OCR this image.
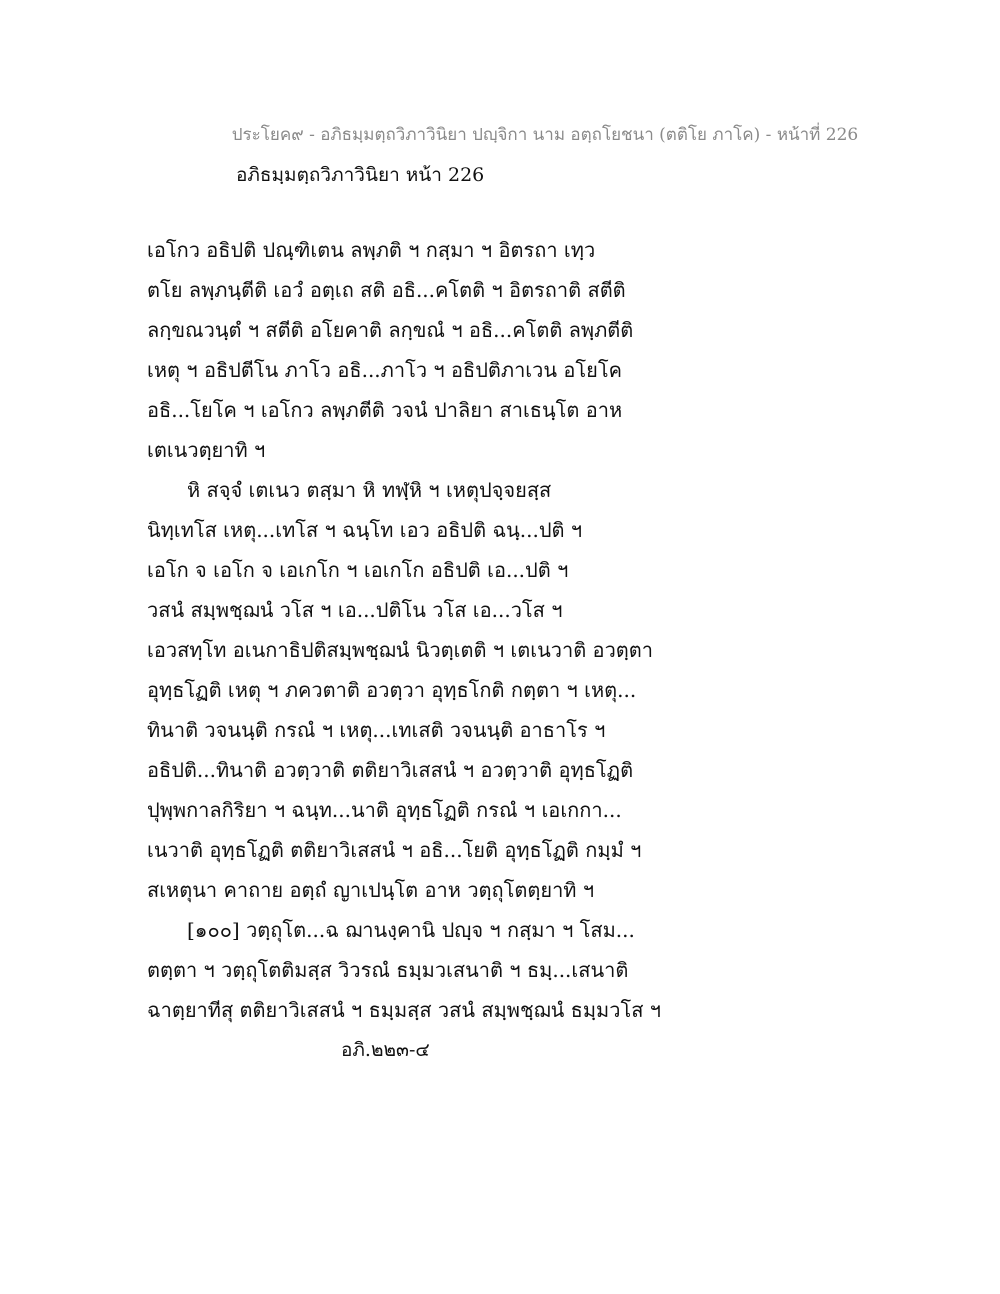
ประโยค๙ - อภิธมฺมตฺถวิภาวินิยา ปญฺจิกา นาม อตฺถโยชนา (ตติโย ภาโค) - หน้าที่ 226
อภิธมฺมตฺถวิภาวินิยา หน้า 226
เอโกว อธิปติ ปณฺฑิเตน ลพฺภติ ฯ กสฺมา ฯ อิตรถา เทฺว
ตโย ลพฺภนฺตีติ เอวํ อตฺเถ สติ อธิ...คโตติ ฯ อิตรถาติ สตีติ
ลกฺขณวนฺตํ ฯ สตีติ อโยคาติ ลกฺขณํ ฯ อธิ...คโตติ ลพฺภตีติ
เหตุ ฯ อธิปตีโน ภาโว อธิ...ภาโว ฯ อธิปติภาเวน อโยโค
อธิ...โยโค ฯ เอโกว ลพฺภตีติ วจนํ ปาลิยา สาเธนฺโต อาห
เตเนวตฺยาทิ ฯ
หิ สจฺจํ เตเนว ตสฺมา หิ ทฬฺหิ ฯ เหตุปจฺจยสฺส
นิทฺเทโส เหตุ...เทโส ฯ ฉนฺโท เอว อธิปติ ฉนฺ...ปติ ฯ
เอโก จ เอโก จ เอเกโก ฯ เอเกโก อธิปติ เอ...ปติ ฯ
วสนํ สมฺพชฺฌนํ วโส ฯ เอ...ปติโน วโส เอ...วโส ฯ
เอวสทฺโท อเนกาธิปติสมฺพชฺฌนํ นิวตฺเตติ ฯ เตเนวาติ อวตฺตา
อุทฺธโฏติ เหตุ ฯ ภควตาติ อวตฺวา อุทฺธโกติ กตฺตา ฯ เหตุ...
ทินาติ วจนนฺติ กรณํ ฯ เหตุ...เทเสติ วจนนฺติ อาธาโร ฯ
อธิปติ...ทินาติ อวตฺวาติ ตติยาวิเสสนํ ฯ อวตฺวาติ อุทฺธโฏติ
ปุพฺพกาลกิริยา ฯ ฉนฺท...นาติ อุทฺธโฏติ กรณํ ฯ เอเกกา...
เนวาติ อุทฺธโฏติ ตติยาวิเสสนํ ฯ อธิ...โยติ อุทฺธโฏติ กมฺมํ ฯ
สเหตุนา คาถาย อตฺถํ ญาเปนฺโต อาห วตฺถุโตตฺยาทิ ฯ
[๑๐๐] วตฺถุโต...ฉ ฌานงฺคานิ ปญฺจ ฯ กสฺมา ฯ โสม...
ตตฺตา ฯ วตฺถุโตติมสฺส วิวรณํ ธมฺมวเสนาติ ฯ ธมฺ...เสนาติ
ฉาตฺยาทีสุ ตติยาวิเสสนํ ฯ ธมฺมสฺส วสนํ สมฺพชฺฌนํ ธมฺมวโส ฯ
อภิ.๒๒๓-๔
